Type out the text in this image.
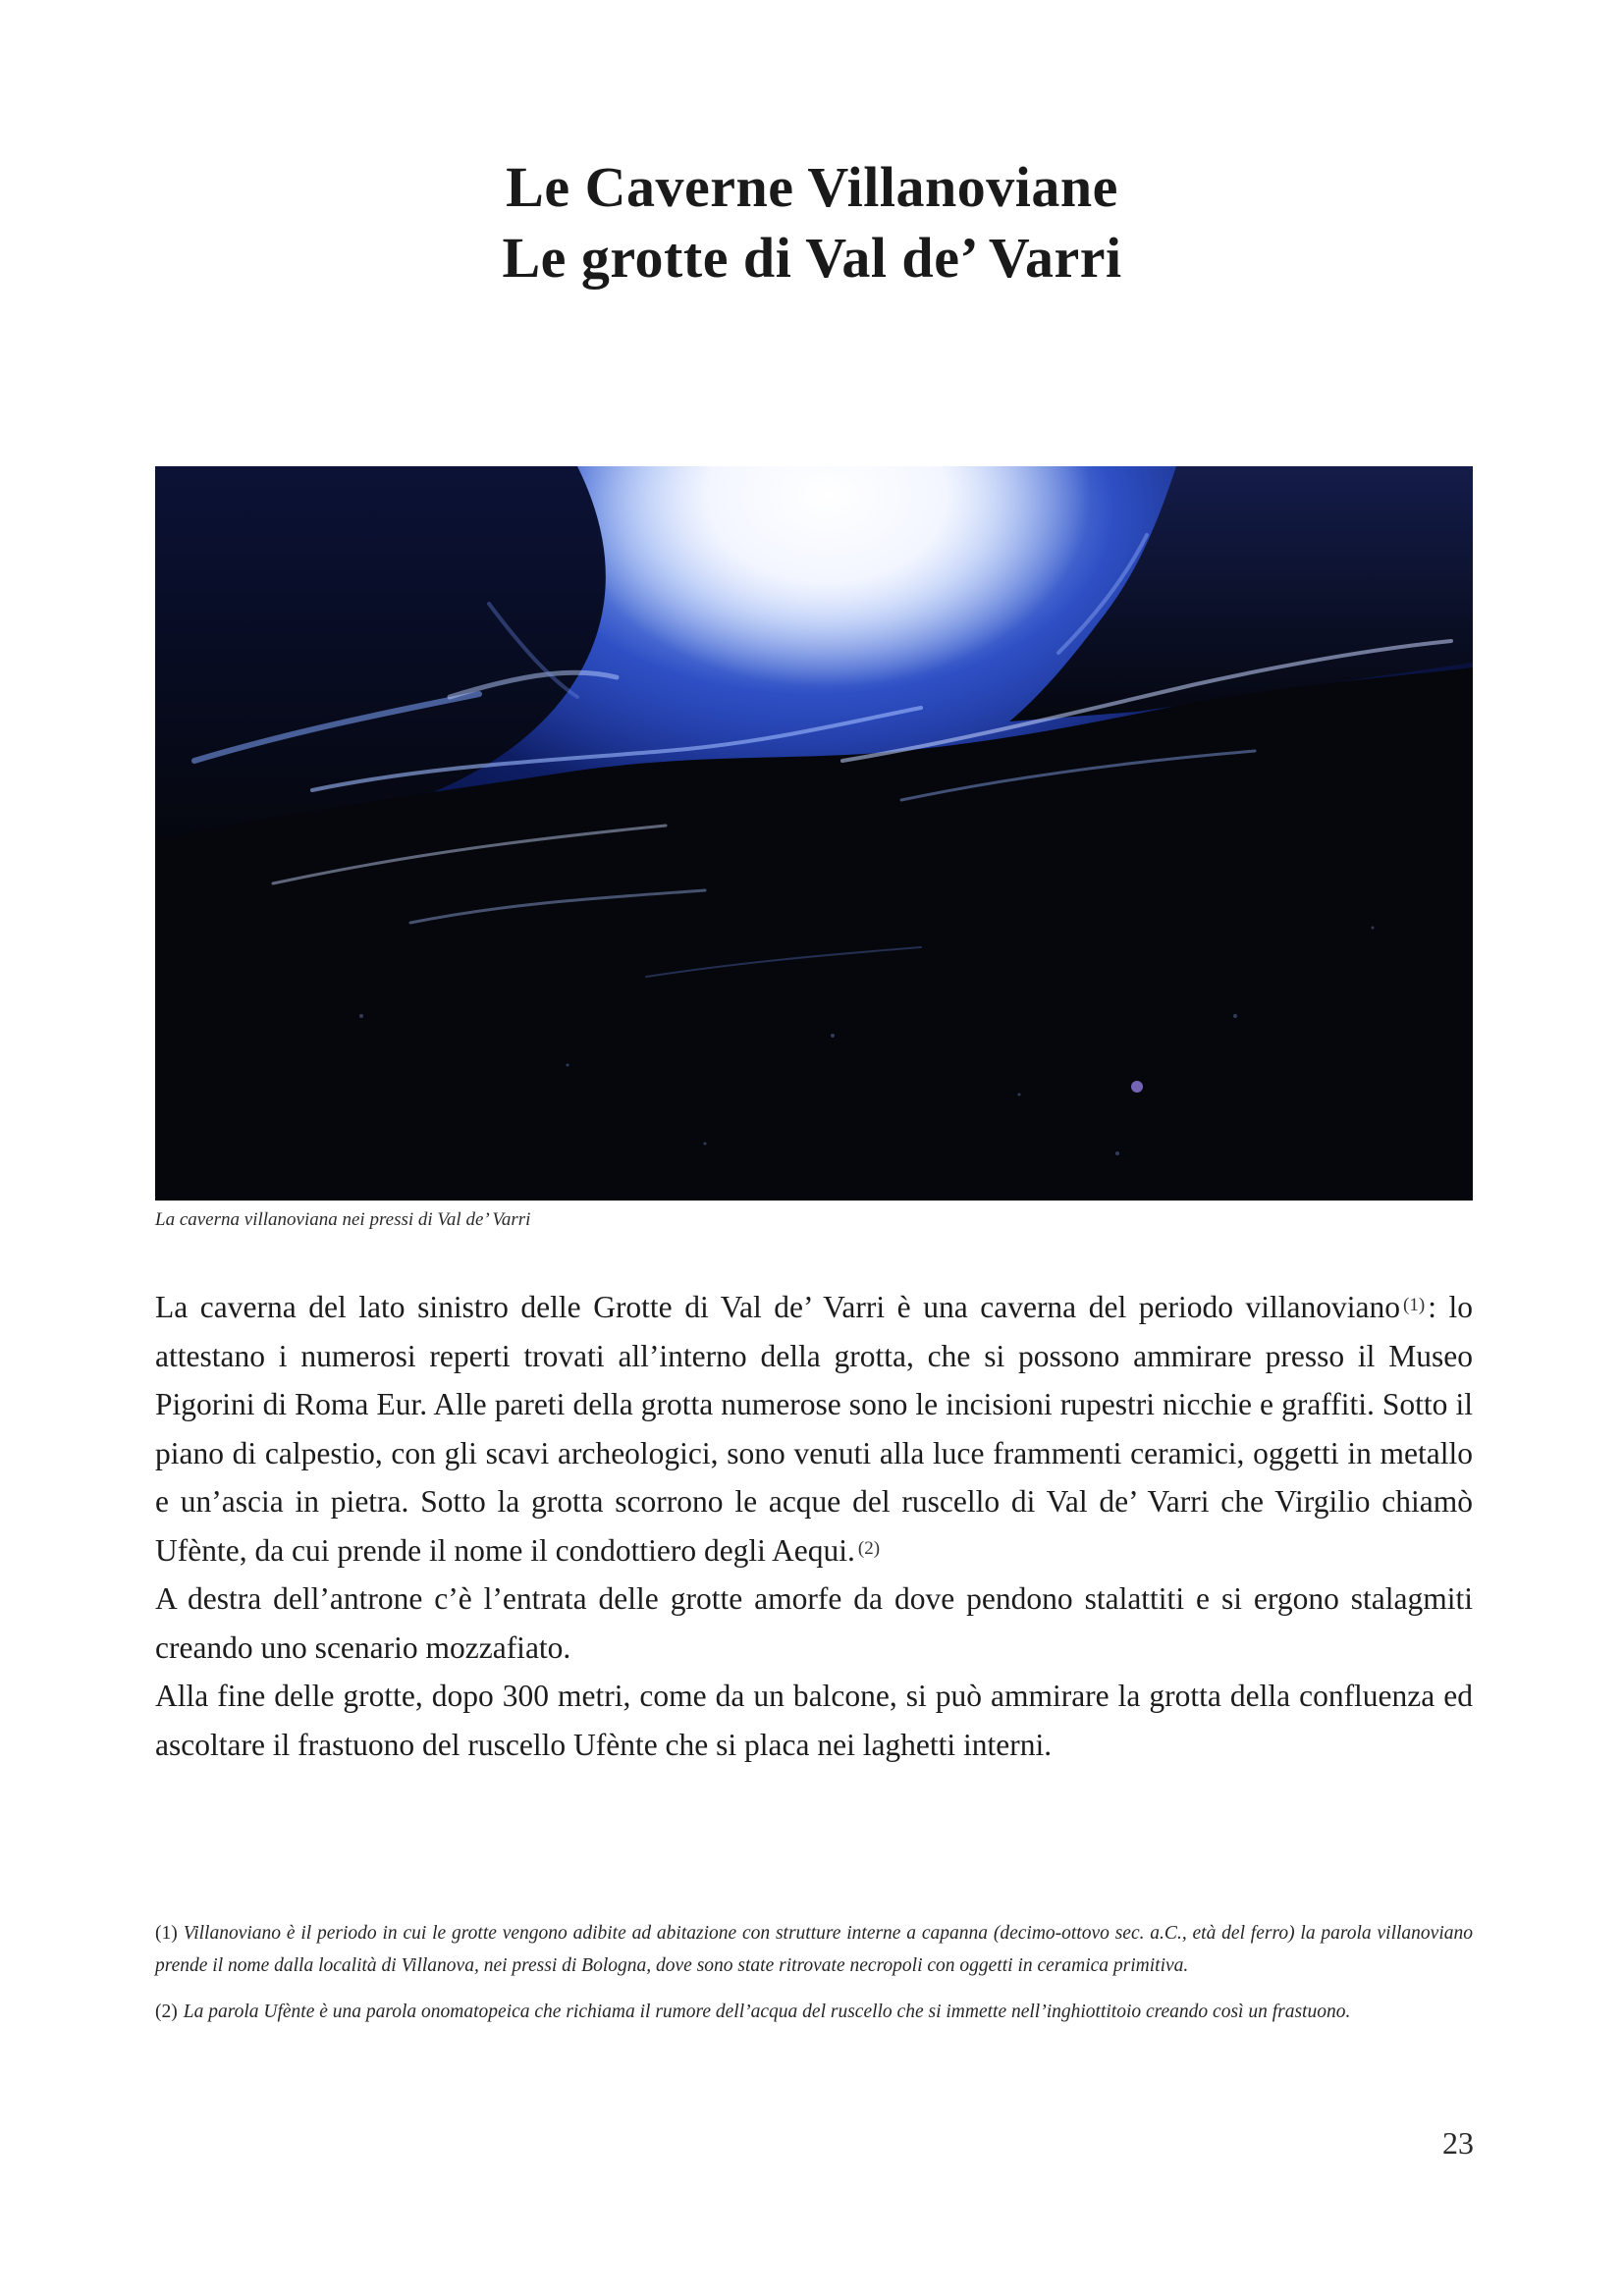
Le Caverne Villanoviane
Le grotte di Val de’ Varri

La caverna villanoviana nei pressi di Val de’ Varri

La caverna del lato sinistro delle Grotte di Val de’ Varri è una caverna del periodo villanoviano $^{(1)}$: lo attestano i numerosi reperti trovati all’interno della grotta, che si possono ammirare presso il Museo Pigorini di Roma Eur. Alle pareti della grotta numerose sono le incisioni rupestri nicchie e graffiti. Sotto il piano di calpestio, con gli scavi archeologici, sono venuti alla luce frammenti ceramici, oggetti in metallo e un’ascia in pietra. Sotto la grotta scorrono le acque del ruscello di Val de’ Varri che Virgilio chiamò Ufènte, da cui prende il nome il condottiero degli Aequi. $^{(2)}$

A destra dell’antrone c’è l’entrata delle grotte amorfe da dove pendono stalattiti e si ergono stalagmiti creando uno scenario mozzafiato.

Alla fine delle grotte, dopo 300 metri, come da un balcone, si può ammirare la grotta della confluenza ed ascoltare il frastuono del ruscello Ufènte che si placa nei laghetti interni.

(1) Villanoviano è il periodo in cui le grotte vengono adibite ad abitazione con strutture interne a capanna (decimo-ottovo sec. a.C., età del ferro) la parola villanoviano prende il nome dalla località di Villanova, nei pressi di Bologna, dove sono state ritrovate necropoli con oggetti in ceramica primitiva.

(2) La parola Ufènte è una parola onomatopeica che richiama il rumore dell’acqua del ruscello che si immette nell’inghiottitoio creando così un frastuono.

23
